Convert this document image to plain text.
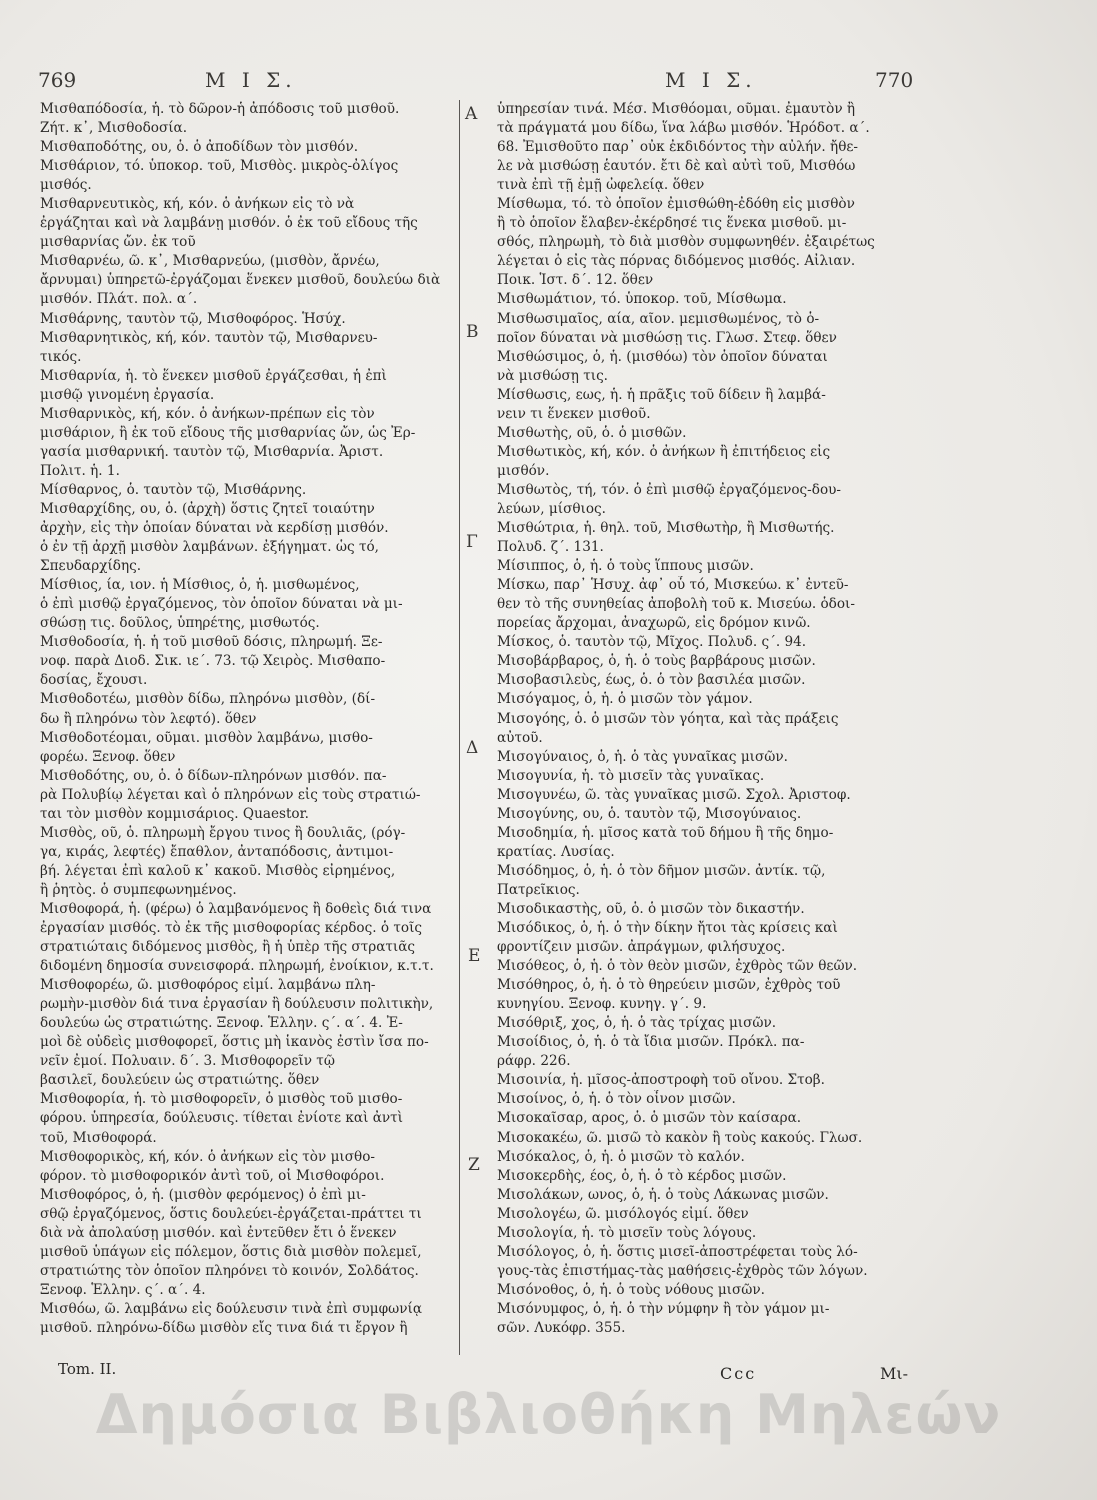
769	Μ Ι Σ.	Μ Ι Σ.	770
Μισθαπόδοσία, ἡ. τὸ δῶρον-ἡ ἀπόδοσις τοῦ μισθοῦ.
Ζήτ. κ᾽, Μισθοδοσία.
Μισθαποδότης, ου, ὁ. ὁ ἀποδίδων τὸν μισθόν.
Μισθάριον, τό. ὑποκορ. τοῦ, Μισθὸς. μικρὸς-ὀλίγος
μισθός.
Μισθαρνευτικὸς, κή, κόν. ὁ ἀνήκων εἰς τὸ νὰ
ἐργάζηται καὶ νὰ λαμβάνῃ μισθόν. ὁ ἐκ τοῦ εἴδους τῆς
μισθαρνίας ὤν. ἐκ τοῦ
Μισθαρνέω, ῶ. κ᾽, Μισθαρνεύω, (μισθὸν, ἄρνέω,
ἄρνυμαι) ὑπηρετῶ-ἐργάζομαι ἕνεκεν μισθοῦ, δουλεύω διὰ
μισθόν. Πλάτ. πολ. α΄.
Μισθάρνης, ταυτὸν τῷ, Μισθοφόρος. Ἡσύχ.
Μισθαρνητικὸς, κή, κόν. ταυτὸν τῷ, Μισθαρνευ-
τικός.
Μισθαρνία, ἡ. τὸ ἕνεκεν μισθοῦ ἐργάζεσθαι, ἡ ἐπὶ
μισθῷ γινομένη ἐργασία.
Μισθαρνικὸς, κή, κόν. ὁ ἀνήκων-πρέπων εἰς τὸν
μισθάριον, ἢ ἐκ τοῦ εἴδους τῆς μισθαρνίας ὤν, ὡς Ἐρ-
γασία μισθαρνική. ταυτὸν τῷ, Μισθαρνία. Ἀριστ.
Πολιτ. ἡ. 1.
Μίσθαρνος, ὁ. ταυτὸν τῷ, Μισθάρνης.
Μισθαρχίδης, ου, ὁ. (ἀρχὴ) ὅστις ζητεῖ τοιαύτην
ἀρχὴν, εἰς τὴν ὁποίαν δύναται νὰ κερδίσῃ μισθόν.
ὁ ἐν τῇ ἀρχῇ μισθὸν λαμβάνων. ἐξήγηματ. ὡς τό,
Σπευδαρχίδης.
Μίσθιος, ία, ιον. ἡ Μίσθιος, ὁ, ἡ. μισθωμένος,
ὁ ἐπὶ μισθῷ ἐργαζόμενος, τὸν ὁποῖον δύναται νὰ μι-
σθώσῃ τις. δοῦλος, ὑπηρέτης, μισθωτός.
Μισθοδοσία, ἡ. ἡ τοῦ μισθοῦ δόσις, πληρωμή. Ξε-
νοφ. παρὰ Διοδ. Σικ. ιε΄. 73. τῷ Χειρὸς. Μισθαπο-
δοσίας, ἔχουσι.
Μισθοδοτέω, μισθὸν δίδω, πληρόνω μισθὸν, (δί-
δω ἢ πληρόνω τὸν λεφτό). ὅθεν
Μισθοδοτέομαι, οῦμαι. μισθὸν λαμβάνω, μισθο-
φορέω. Ξενοφ. ὅθεν
Μισθοδότης, ου, ὁ. ὁ δίδων-πληρόνων μισθόν. πα-
ρὰ Πολυβίῳ λέγεται καὶ ὁ πληρόνων εἰς τοὺς στρατιώ-
ται τὸν μισθὸν κομμισάριος. Quaestor.
Μισθὸς, οῦ, ὁ. πληρωμὴ ἔργου τινος ἢ δουλιᾶς, (ρόγ-
γα, κιράς, λεφτές) ἔπαθλον, ἀνταπόδοσις, ἀντιμοι-
βή. λέγεται ἐπὶ καλοῦ κ᾽ κακοῦ. Μισθὸς εἰρημένος,
ἢ ῥητὸς. ὁ συμπεφωνημένος.
Μισθοφορά, ἡ. (φέρω) ὁ λαμβανόμενος ἢ δοθεὶς διά τινα
ἐργασίαν μισθός. τὸ ἐκ τῆς μισθοφορίας κέρδος. ὁ τοῖς
στρατιώταις διδόμενος μισθὸς, ἢ ἡ ὑπὲρ τῆς στρατιᾶς
διδομένη δημοσία συνεισφορά. πληρωμή, ἐνοίκιον, κ.τ.τ.
Μισθοφορέω, ῶ. μισθοφόρος εἰμί. λαμβάνω πλη-
ρωμὴν-μισθὸν διά τινα ἐργασίαν ἢ δούλευσιν πολιτικὴν,
δουλεύω ὡς στρατιώτης. Ξενοφ. Ἑλλην. ς΄. α΄. 4. Ἐ-
μοὶ δὲ οὐδεὶς μισθοφορεῖ, ὅστις μὴ ἱκανὸς ἐστὶν ἴσα πο-
νεῖν ἐμοί. Πολυαιν. δ΄. 3. Μισθοφορεῖν τῷ
βασιλεῖ, δουλεύειν ὡς στρατιώτης. ὅθεν
Μισθοφορία, ἡ. τὸ μισθοφορεῖν, ὁ μισθὸς τοῦ μισθο-
φόρου. ὑπηρεσία, δούλευσις. τίθεται ἐνίοτε καὶ ἀντὶ
τοῦ, Μισθοφορά.
Μισθοφορικὸς, κή, κόν. ὁ ἀνήκων εἰς τὸν μισθο-
φόρον. τὸ μισθοφορικόν ἀντὶ τοῦ, οἱ Μισθοφόροι.
Μισθοφόρος, ὁ, ἡ. (μισθὸν φερόμενος) ὁ ἐπὶ μι-
σθῷ ἐργαζόμενος, ὅστις δουλεύει-ἐργάζεται-πράττει τι
διὰ νὰ ἀπολαύσῃ μισθόν. καὶ ἐντεῦθεν ἔτι ὁ ἕνεκεν
μισθοῦ ὑπάγων εἰς πόλεμον, ὅστις διὰ μισθὸν πολεμεῖ,
στρατιώτης τὸν ὁποῖον πληρόνει τὸ κοινόν, Σολδάτος.
Ξενοφ. Ἑλλην. ς΄. α΄. 4.
Μισθόω, ῶ. λαμβάνω εἰς δούλευσιν τινὰ ἐπὶ συμφωνίᾳ
μισθοῦ. πληρόνω-δίδω μισθὸν εἴς τινα διά τι ἔργον ἢ
ὑπηρεσίαν τινά. Μέσ. Μισθόομαι, οῦμαι. ἐμαυτὸν ἢ
τὰ πράγματά μου δίδω, ἵνα λάβω μισθόν. Ἡρόδοτ. α΄.
68. Ἐμισθοῦτο παρ᾽ οὐκ ἐκδιδόντος τὴν αὐλήν. ἤθε-
λε νὰ μισθώσῃ ἑαυτόν. ἔτι δὲ καὶ αὐτὶ τοῦ, Μισθόω
τινὰ ἐπὶ τῇ ἐμῇ ὠφελείᾳ. ὅθεν
Μίσθωμα, τό. τὸ ὁποῖον ἐμισθώθη-ἐδόθη εἰς μισθὸν
ἢ τὸ ὁποῖον ἔλαβεν-ἐκέρδησέ τις ἕνεκα μισθοῦ. μι-
σθός, πληρωμὴ, τὸ διὰ μισθὸν συμφωνηθέν. ἐξαιρέτως
λέγεται ὁ εἰς τὰς πόρνας διδόμενος μισθός. Αἰλιαν.
Ποικ. Ἱστ. δ΄. 12. ὅθεν
Μισθωμάτιον, τό. ὑποκορ. τοῦ, Μίσθωμα.
Μισθωσιμαῖος, αία, αῖον. μεμισθωμένος, τὸ ὁ-
ποῖον δύναται νὰ μισθώσῃ τις. Γλωσ. Στεφ. ὅθεν
Μισθώσιμος, ὁ, ἡ. (μισθόω) τὸν ὁποῖον δύναται
νὰ μισθώσῃ τις.
Μίσθωσις, εως, ἡ. ἡ πρᾶξις τοῦ δίδειν ἢ λαμβά-
νειν τι ἕνεκεν μισθοῦ.
Μισθωτὴς, οῦ, ὁ. ὁ μισθῶν.
Μισθωτικὸς, κή, κόν. ὁ ἀνήκων ἢ ἐπιτήδειος εἰς
μισθόν.
Μισθωτὸς, τή, τόν. ὁ ἐπὶ μισθῷ ἐργαζόμενος-δου-
λεύων, μίσθιος.
Μισθώτρια, ἡ. θηλ. τοῦ, Μισθωτὴρ, ἢ Μισθωτής.
Πολυδ. ζ΄. 131.
Μίσιππος, ὁ, ἡ. ὁ τοὺς ἵππους μισῶν.
Μίσκω, παρ᾽ Ἡσυχ. ἀφ᾽ οὗ τό, Μισκεύω. κ᾽ ἐντεῦ-
θεν τὸ τῆς συνηθείας ἀποβολὴ τοῦ κ. Μισεύω. ὁδοι-
πορείας ἄρχομαι, ἀναχωρῶ, εἰς δρόμον κινῶ.
Μίσκος, ὁ. ταυτὸν τῷ, Μῖχος. Πολυδ. ς΄. 94.
Μισοβάρβαρος, ὁ, ἡ. ὁ τοὺς βαρβάρους μισῶν.
Μισοβασιλεὺς, έως, ὁ. ὁ τὸν βασιλέα μισῶν.
Μισόγαμος, ὁ, ἡ. ὁ μισῶν τὸν γάμον.
Μισογόης, ὁ. ὁ μισῶν τὸν γόητα, καὶ τὰς πράξεις
αὐτοῦ.
Μισογύναιος, ὁ, ἡ. ὁ τὰς γυναῖκας μισῶν.
Μισογυνία, ἡ. τὸ μισεῖν τὰς γυναῖκας.
Μισογυνέω, ῶ. τὰς γυναῖκας μισῶ. Σχολ. Ἀριστοφ.
Μισογύνης, ου, ὁ. ταυτὸν τῷ, Μισογύναιος.
Μισοδημία, ἡ. μῖσος κατὰ τοῦ δήμου ἢ τῆς δημο-
κρατίας. Λυσίας.
Μισόδημος, ὁ, ἡ. ὁ τὸν δῆμον μισῶν. ἀντίκ. τῷ,
Πατρεῖκιος.
Μισοδικαστὴς, οῦ, ὁ. ὁ μισῶν τὸν δικαστήν.
Μισόδικος, ὁ, ἡ. ὁ τὴν δίκην ἤτοι τὰς κρίσεις καὶ
φροντίζειν μισῶν. ἀπράγμων, φιλήσυχος.
Μισόθεος, ὁ, ἡ. ὁ τὸν θεὸν μισῶν, ἐχθρὸς τῶν θεῶν.
Μισόθηρος, ὁ, ἡ. ὁ τὸ θηρεύειν μισῶν, ἐχθρὸς τοῦ
κυνηγίου. Ξενοφ. κυνηγ. γ΄. 9.
Μισόθριξ, χος, ὁ, ἡ. ὁ τὰς τρίχας μισῶν.
Μισοίδιος, ὁ, ἡ. ὁ τὰ ἴδια μισῶν. Πρόκλ. πα-
ράφρ. 226.
Μισοινία, ἡ. μῖσος-ἀποστροφὴ τοῦ οἴνου. Στοβ.
Μισοίνος, ὁ, ἡ. ὁ τὸν οἶνον μισῶν.
Μισοκαῖσαρ, αρος, ὁ. ὁ μισῶν τὸν καίσαρα.
Μισοκακέω, ῶ. μισῶ τὸ κακὸν ἢ τοὺς κακούς. Γλωσ.
Μισόκαλος, ὁ, ἡ. ὁ μισῶν τὸ καλόν.
Μισοκερδὴς, έος, ὁ, ἡ. ὁ τὸ κέρδος μισῶν.
Μισολάκων, ωνος, ὁ, ἡ. ὁ τοὺς Λάκωνας μισῶν.
Μισολογέω, ῶ. μισόλογός εἰμί. ὅθεν
Μισολογία, ἡ. τὸ μισεῖν τοὺς λόγους.
Μισόλογος, ὁ, ἡ. ὅστις μισεῖ-ἀποστρέφεται τοὺς λό-
γους-τὰς ἐπιστήμας-τὰς μαθήσεις-ἐχθρὸς τῶν λόγων.
Μισόνοθος, ὁ, ἡ. ὁ τοὺς νόθους μισῶν.
Μισόνυμφος, ὁ, ἡ. ὁ τὴν νύμφην ἢ τὸν γάμον μι-
σῶν. Λυκόφρ. 355.
Α
Β
Γ
Δ
Ε
Ζ
Tom. II.	Ccc	Μι-
Δημόσια Βιβλιοθήκη Μηλεών
